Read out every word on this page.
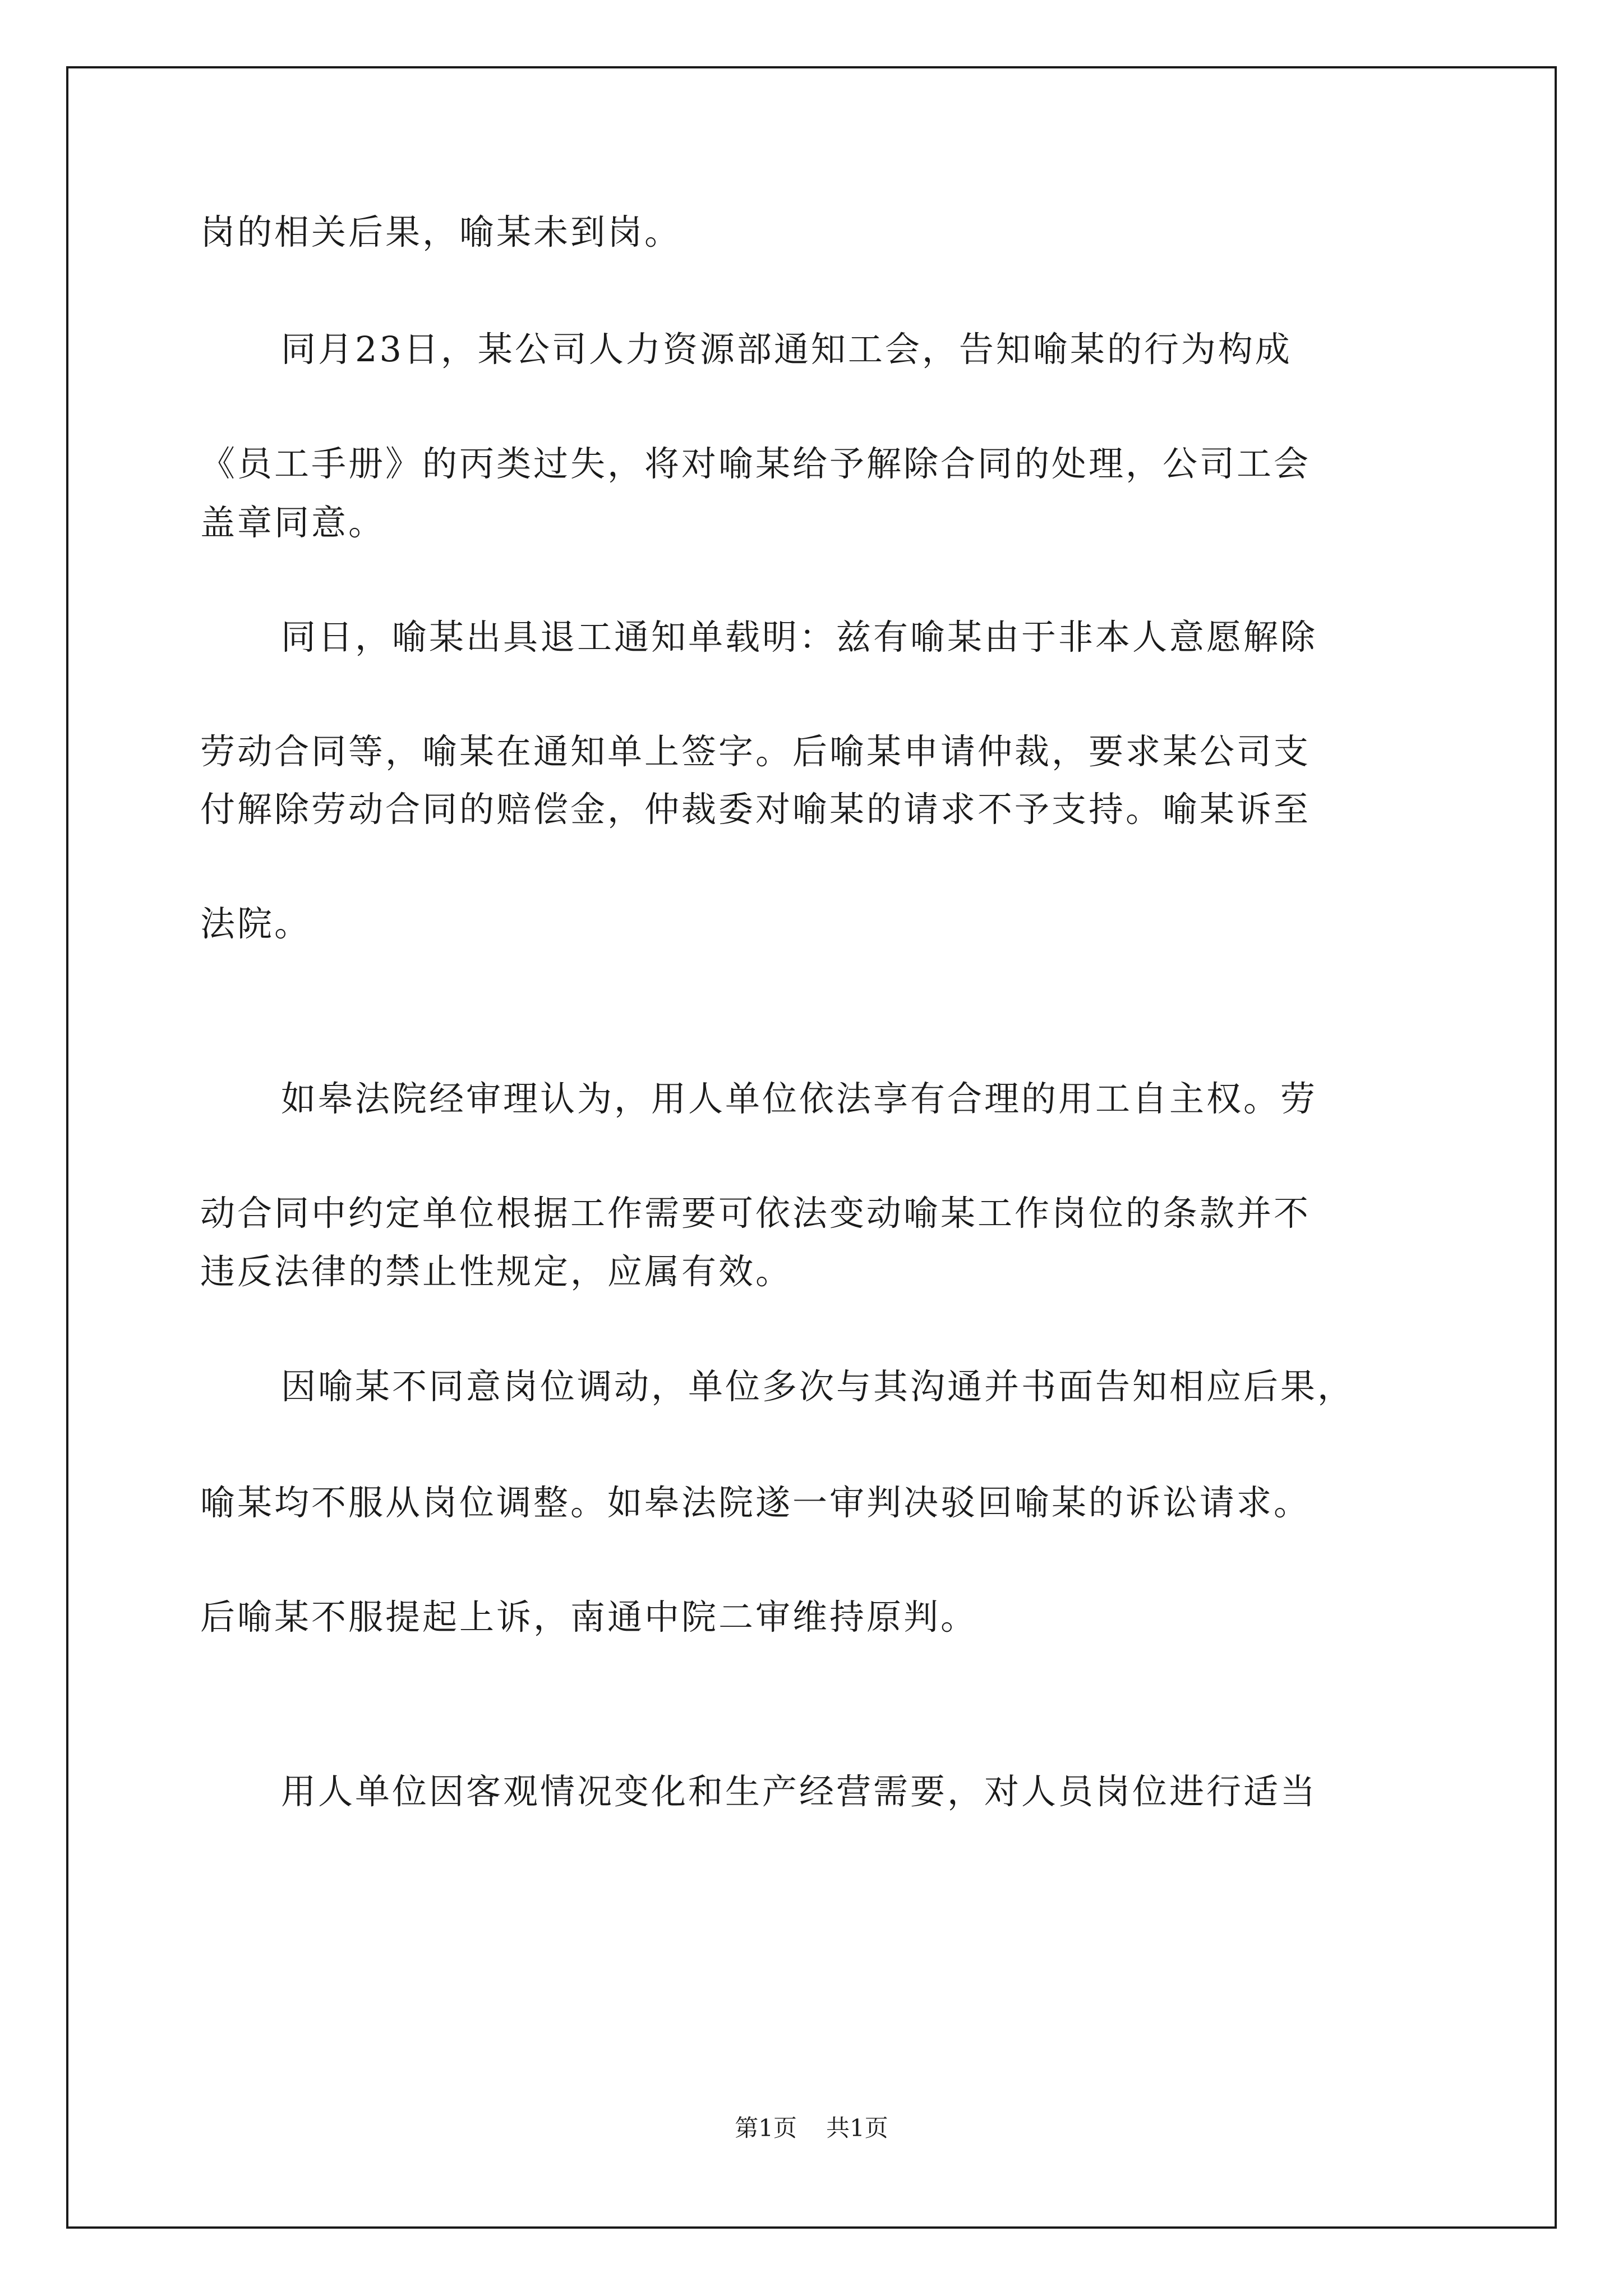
岗的相关后果，喻某未到岗。
同月23日，某公司人力资源部通知工会，告知喻某的行为构成
《员工手册》的丙类过失，将对喻某给予解除合同的处理，公司工会
盖章同意。
同日，喻某出具退工通知单载明：兹有喻某由于非本人意愿解除
劳动合同等，喻某在通知单上签字。后喻某申请仲裁，要求某公司支
付解除劳动合同的赔偿金，仲裁委对喻某的请求不予支持。喻某诉至
法院。
如皋法院经审理认为，用人单位依法享有合理的用工自主权。劳
动合同中约定单位根据工作需要可依法变动喻某工作岗位的条款并不
违反法律的禁止性规定，应属有效。
因喻某不同意岗位调动，单位多次与其沟通并书面告知相应后果，
喻某均不服从岗位调整。如皋法院遂一审判决驳回喻某的诉讼请求。
后喻某不服提起上诉，南通中院二审维持原判。
用人单位因客观情况变化和生产经营需要，对人员岗位进行适当
第1页 共1页
